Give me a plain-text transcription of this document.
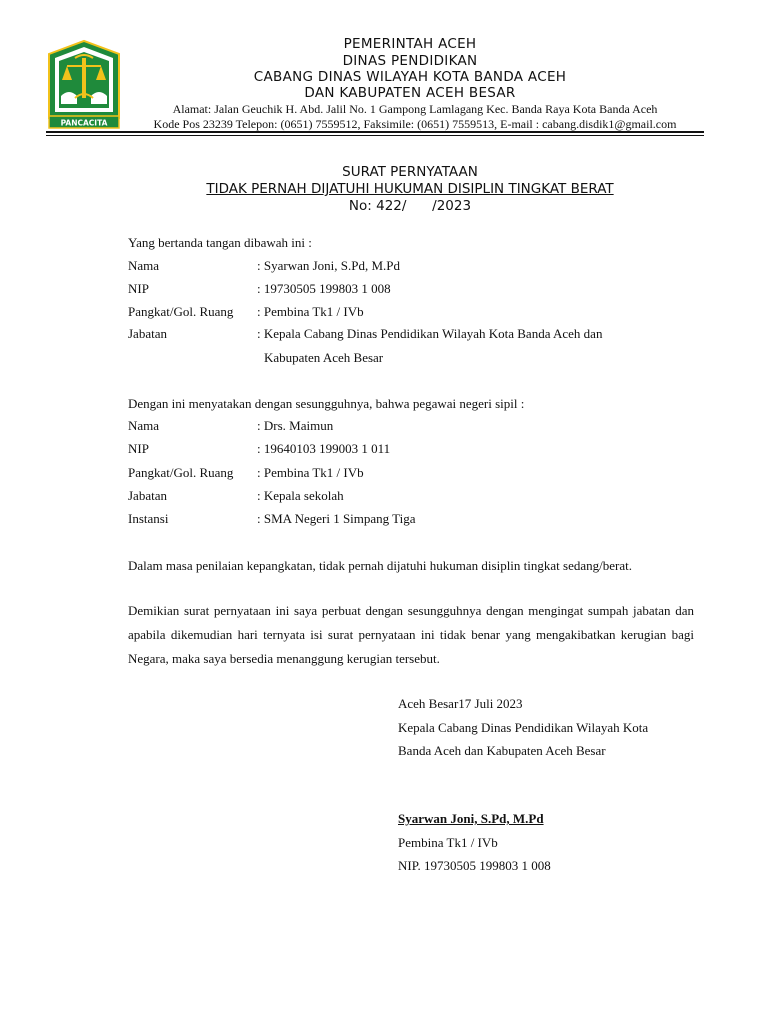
PANCACITA
PEMERINTAH ACEH
DINAS PENDIDIKAN
CABANG DINAS WILAYAH KOTA BANDA ACEH
DAN KABUPATEN ACEH BESAR
Alamat: Jalan Geuchik H. Abd. Jalil No. 1 Gampong Lamlagang Kec. Banda Raya Kota Banda Aceh
Kode Pos 23239 Telepon: (0651) 7559512, Faksimile: (0651) 7559513, E-mail : cabang.disdik1@gmail.com
SURAT PERNYATAAN
TIDAK PERNAH DIJATUHI HUKUMAN DISIPLIN TINGKAT BERAT
No: 422/      /2023
Yang bertanda tangan dibawah ini :
Nama	: Syarwan Joni, S.Pd, M.Pd
NIP	: 19730505 199803 1 008
Pangkat/Gol. Ruang : Pembina Tk1 / IVb
Jabatan	: Kepala Cabang Dinas Pendidikan Wilayah Kota Banda Aceh dan
Kabupaten Aceh Besar
Dengan ini menyatakan dengan sesungguhnya, bahwa pegawai negeri sipil :
Nama	: Drs. Maimun
NIP	: 19640103 199003 1 011
Pangkat/Gol. Ruang : Pembina Tk1 / IVb
Jabatan	: Kepala sekolah
Instansi	: SMA Negeri 1 Simpang Tiga
Dalam masa penilaian kepangkatan, tidak pernah dijatuhi hukuman disiplin tingkat sedang/berat.
Demikian surat pernyataan ini saya perbuat dengan sesungguhnya dengan mengingat sumpah jabatan dan apabila dikemudian hari ternyata isi surat pernyataan ini tidak benar yang mengakibatkan kerugian bagi Negara, maka saya bersedia menanggung kerugian tersebut.
Aceh Besar17 Juli 2023
Kepala Cabang Dinas Pendidikan Wilayah Kota
Banda Aceh dan Kabupaten Aceh Besar
Syarwan Joni, S.Pd, M.Pd
Pembina Tk1 / IVb
NIP. 19730505 199803 1 008
